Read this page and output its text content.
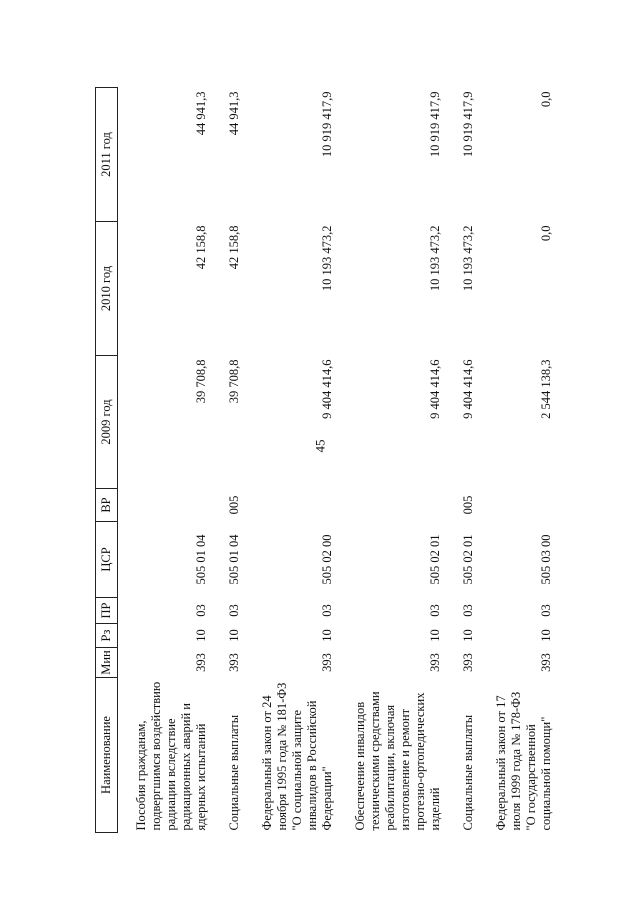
45
Наименование	Мин	Рз	ПР	ЦСР	ВР	2009 год	2010 год	2011 год
Пособия гражданам, подвергшимся воздействию радиации вследствие радиационных аварий и ядерных испытаний	393	10	03	505 01 04		39 708,8	42 158,8	44 941,3
Социальные выплаты	393	10	03	505 01 04	005	39 708,8	42 158,8	44 941,3
Федеральный закон от 24 ноября 1995 года № 181-ФЗ "О социальной защите инвалидов в Российской Федерации"	393	10	03	505 02 00		9 404 414,6	10 193 473,2	10 919 417,9
Обеспечение инвалидов техническими средствами реабилитации, включая изготовление и ремонт протезно-ортопедических изделий	393	10	03	505 02 01		9 404 414,6	10 193 473,2	10 919 417,9
Социальные выплаты	393	10	03	505 02 01	005	9 404 414,6	10 193 473,2	10 919 417,9
Федеральный закон от 17 июля 1999 года № 178-ФЗ "О государственной социальной помощи"	393	10	03	505 03 00		2 544 138,3	0,0	0,0
